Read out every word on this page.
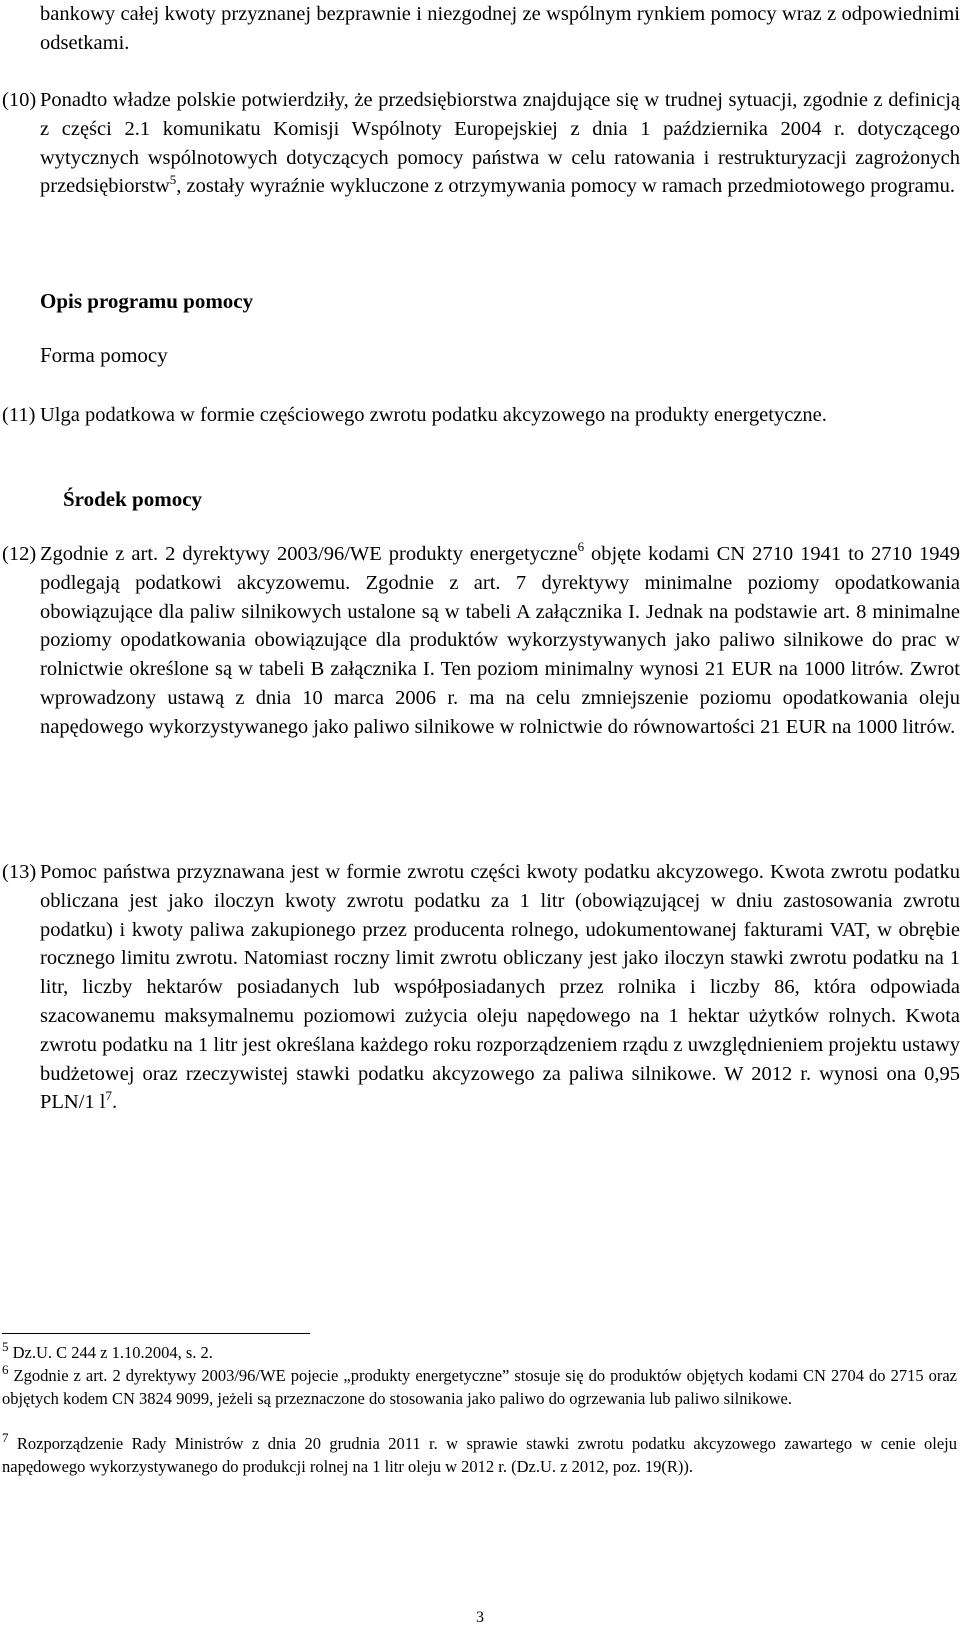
bankowy całej kwoty przyznanej bezprawnie i niezgodnej ze wspólnym rynkiem pomocy wraz z odpowiednimi odsetkami.
(10) Ponadto władze polskie potwierdziły, że przedsiębiorstwa znajdujące się w trudnej sytuacji, zgodnie z definicją z części 2.1 komunikatu Komisji Wspólnoty Europejskiej z dnia 1 października 2004 r. dotyczącego wytycznych wspólnotowych dotyczących pomocy państwa w celu ratowania i restrukturyzacji zagrożonych przedsiębiorstw$^5$, zostały wyraźnie wykluczone z otrzymywania pomocy w ramach przedmiotowego programu.
Opis programu pomocy
Forma pomocy
(11) Ulga podatkowa w formie częściowego zwrotu podatku akcyzowego na produkty energetyczne.
Środek pomocy
(12) Zgodnie z art. 2 dyrektywy 2003/96/WE produkty energetyczne$^6$ objęte kodami CN 2710 1941 to 2710 1949 podlegają podatkowi akcyzowemu. Zgodnie z art. 7 dyrektywy minimalne poziomy opodatkowania obowiązujące dla paliw silnikowych ustalone są w tabeli A załącznika I. Jednak na podstawie art. 8 minimalne poziomy opodatkowania obowiązujące dla produktów wykorzystywanych jako paliwo silnikowe do prac w rolnictwie określone są w tabeli B załącznika I. Ten poziom minimalny wynosi 21 EUR na 1000 litrów. Zwrot wprowadzony ustawą z dnia 10 marca 2006 r. ma na celu zmniejszenie poziomu opodatkowania oleju napędowego wykorzystywanego jako paliwo silnikowe w rolnictwie do równowartości 21 EUR na 1000 litrów.
(13) Pomoc państwa przyznawana jest w formie zwrotu części kwoty podatku akcyzowego. Kwota zwrotu podatku obliczana jest jako iloczyn kwoty zwrotu podatku za 1 litr (obowiązującej w dniu zastosowania zwrotu podatku) i kwoty paliwa zakupionego przez producenta rolnego, udokumentowanej fakturami VAT, w obrębie rocznego limitu zwrotu. Natomiast roczny limit zwrotu obliczany jest jako iloczyn stawki zwrotu podatku na 1 litr, liczby hektarów posiadanych lub współposiadanych przez rolnika i liczby 86, która odpowiada szacowanemu maksymalnemu poziomowi zużycia oleju napędowego na 1 hektar użytków rolnych. Kwota zwrotu podatku na 1 litr jest określana każdego roku rozporządzeniem rządu z uwzględnieniem projektu ustawy budżetowej oraz rzeczywistej stawki podatku akcyzowego za paliwa silnikowe. W 2012 r. wynosi ona 0,95 PLN/1 $l^7$.
$^5$ Dz.U. C 244 z 1.10.2004, s. 2.
$^6$ Zgodnie z art. 2 dyrektywy 2003/96/WE pojecie „produkty energetyczne” stosuje się do produktów objętych kodami CN 2704 do 2715 oraz objętych kodem CN 3824 9099, jeżeli są przeznaczone do stosowania jako paliwo do ogrzewania lub paliwo silnikowe.
$^7$ Rozporządzenie Rady Ministrów z dnia 20 grudnia 2011 r. w sprawie stawki zwrotu podatku akcyzowego zawartego w cenie oleju napędowego wykorzystywanego do produkcji rolnej na 1 litr oleju w 2012 r. (Dz.U. z 2012, poz. 19(R)).
3
